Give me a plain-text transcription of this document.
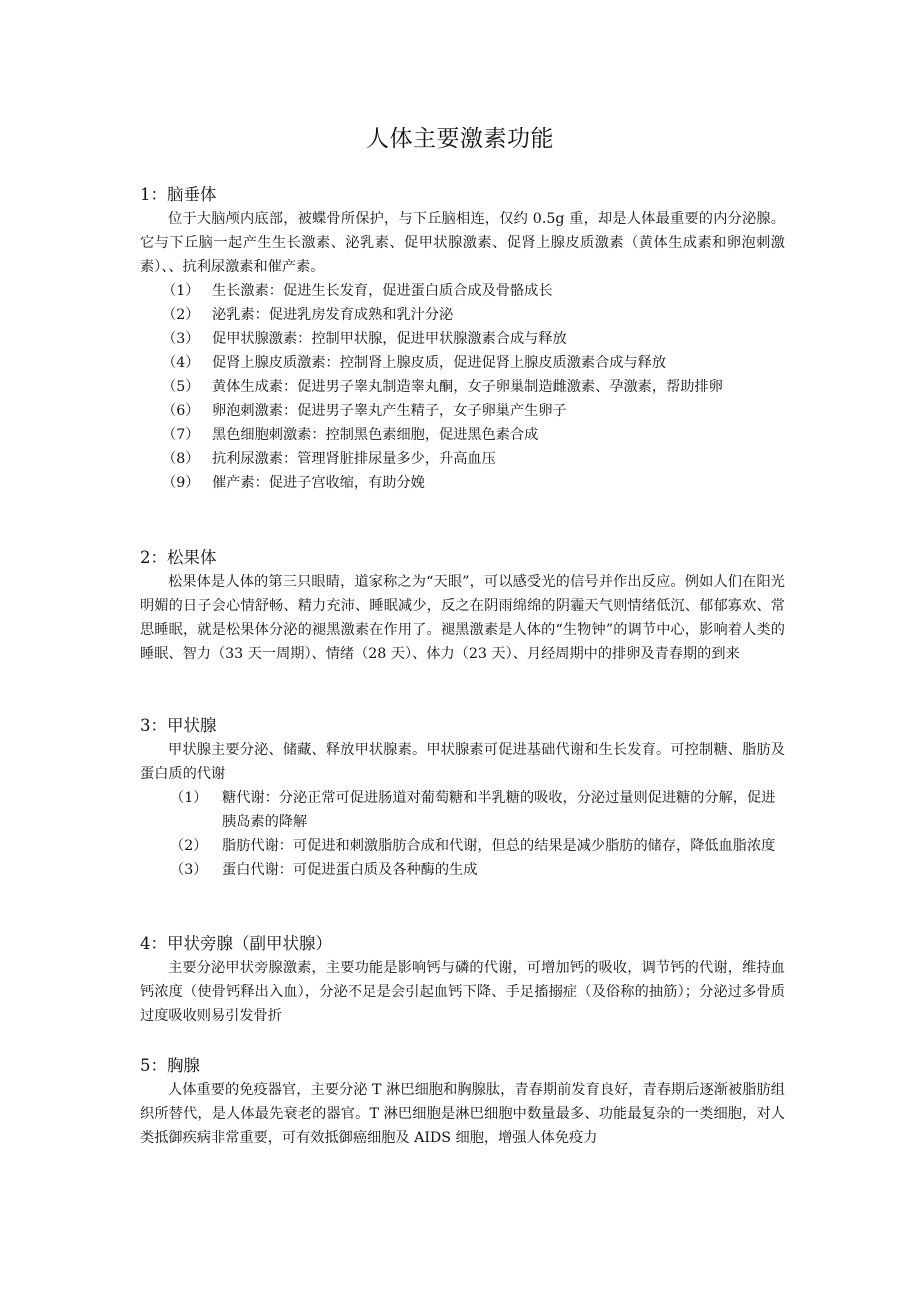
人体主要激素功能

1：脑垂体

位于大脑颅内底部，被蝶骨所保护，与下丘脑相连，仅约 0.5g 重，却是人体最重要的内分泌腺。它与下丘脑一起产生生长激素、泌乳素、促甲状腺激素、促肾上腺皮质激素（黄体生成素和卵泡刺激素）、、抗利尿激素和催产素。

（1） 生长激素：促进生长发育，促进蛋白质合成及骨骼成长
（2） 泌乳素：促进乳房发育成熟和乳汁分泌
（3） 促甲状腺激素：控制甲状腺，促进甲状腺激素合成与释放
（4） 促肾上腺皮质激素：控制肾上腺皮质，促进促肾上腺皮质激素合成与释放
（5） 黄体生成素：促进男子睾丸制造睾丸酮，女子卵巢制造雌激素、孕激素，帮助排卵
（6） 卵泡刺激素：促进男子睾丸产生精子，女子卵巢产生卵子
（7） 黑色细胞刺激素：控制黑色素细胞，促进黑色素合成
（8） 抗利尿激素：管理肾脏排尿量多少，升高血压
（9） 催产素：促进子宫收缩，有助分娩

2：松果体

松果体是人体的第三只眼睛，道家称之为“天眼”，可以感受光的信号并作出反应。例如人们在阳光明媚的日子会心情舒畅、精力充沛、睡眠减少，反之在阴雨绵绵的阴霾天气则情绪低沉、郁郁寡欢、常思睡眠，就是松果体分泌的褪黑激素在作用了。褪黑激素是人体的“生物钟”的调节中心，影响着人类的睡眠、智力（33 天一周期）、情绪（28 天）、体力（23 天）、月经周期中的排卵及青春期的到来

3：甲状腺

甲状腺主要分泌、储藏、释放甲状腺素。甲状腺素可促进基础代谢和生长发育。可控制糖、脂肪及蛋白质的代谢

（1）	糖代谢：分泌正常可促进肠道对葡萄糖和半乳糖的吸收，分泌过量则促进糖的分解，促进胰岛素的降解
（2）	脂肪代谢：可促进和刺激脂肪合成和代谢，但总的结果是减少脂肪的储存，降低血脂浓度
（3）	蛋白代谢：可促进蛋白质及各种酶的生成

4：甲状旁腺（副甲状腺）

主要分泌甲状旁腺激素，主要功能是影响钙与磷的代谢，可增加钙的吸收，调节钙的代谢，维持血钙浓度（使骨钙释出入血），分泌不足是会引起血钙下降、手足搐搦症（及俗称的抽筋）；分泌过多骨质过度吸收则易引发骨折

5：胸腺

人体重要的免疫器官，主要分泌 T 淋巴细胞和胸腺肽，青春期前发育良好，青春期后逐渐被脂肪组织所替代，是人体最先衰老的器官。T 淋巴细胞是淋巴细胞中数量最多、功能最复杂的一类细胞，对人类抵御疾病非常重要，可有效抵御癌细胞及 AIDS 细胞，增强人体免疫力
